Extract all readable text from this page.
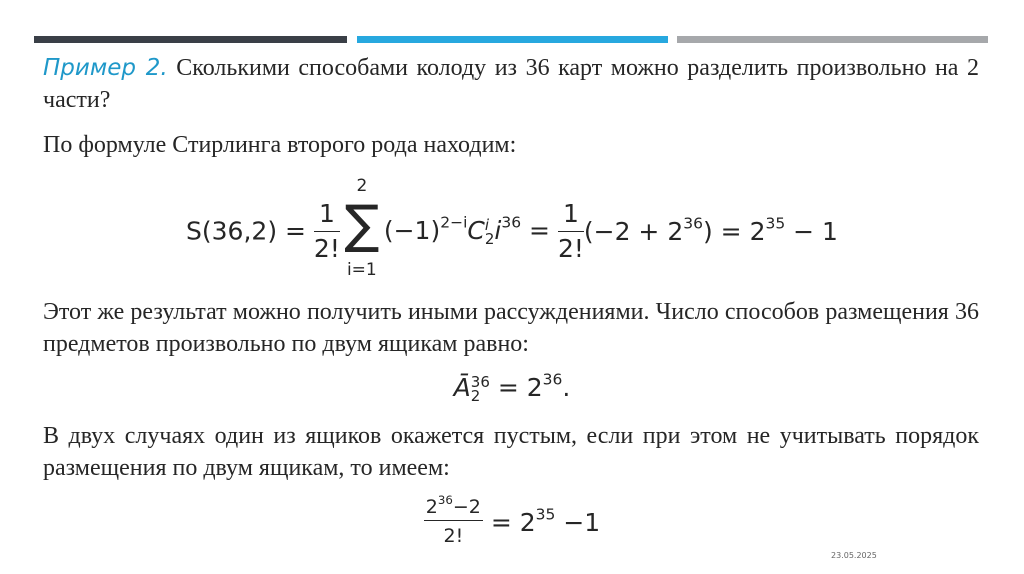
Пример 2. Сколькими способами колоду из 36 карт можно разделить произвольно на 2 части?
По формуле Стирлинга второго рода находим:
$S(36,2) = \frac{1}{2!}$
2
∑
i=1
$(-1)^{2-i}C$ i
2 $i^{36} = \frac{1}{2!} (-2 + 2^{36}) = 2^{35} - 1$
Этот же результат можно получить иными рассуждениями. Число способов размещения 36 предметов произвольно по двум ящикам равно:
Ā 36
$2 = 2^{36}$.
В двух случаях один из ящиков окажется пустым, если при этом не учитывать порядок размещения по двум ящикам, то имеем:
$\frac{2^{36}-2}{2!} = 2^{35} -1$
23.05.2025
